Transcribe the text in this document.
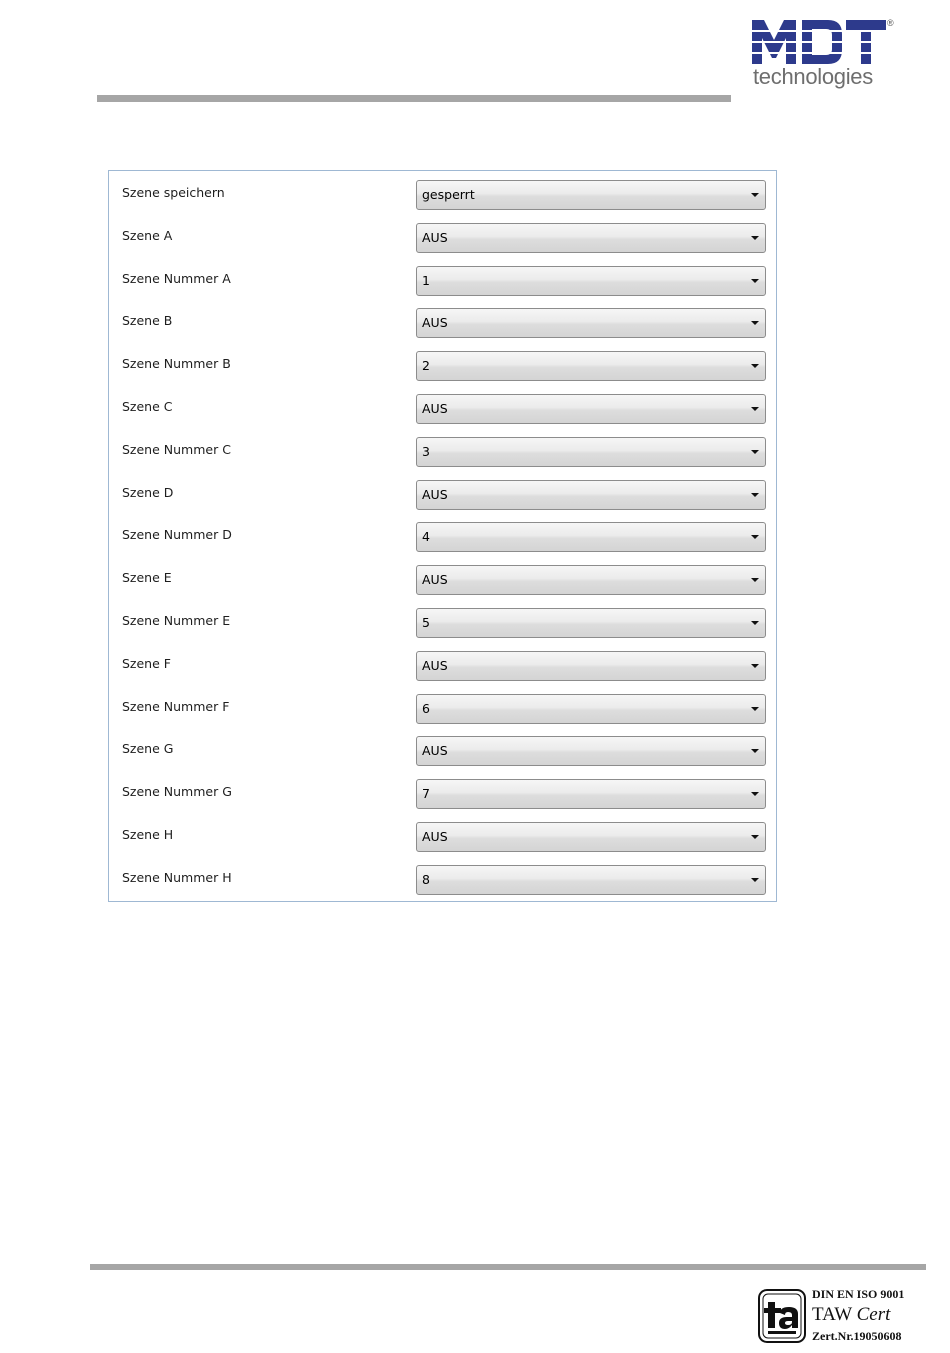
®
technologies
Szene speichern	gesperrt
Szene A	AUS
Szene Nummer A	1
Szene B	AUS
Szene Nummer B	2
Szene C	AUS
Szene Nummer C	3
Szene D	AUS
Szene Nummer D	4
Szene E	AUS
Szene Nummer E	5
Szene F	AUS
Szene Nummer F	6
Szene G	AUS
Szene Nummer G	7
Szene H	AUS
Szene Nummer H	8
DIN EN ISO 9001
TAW Cert
Zert.Nr.19050608
